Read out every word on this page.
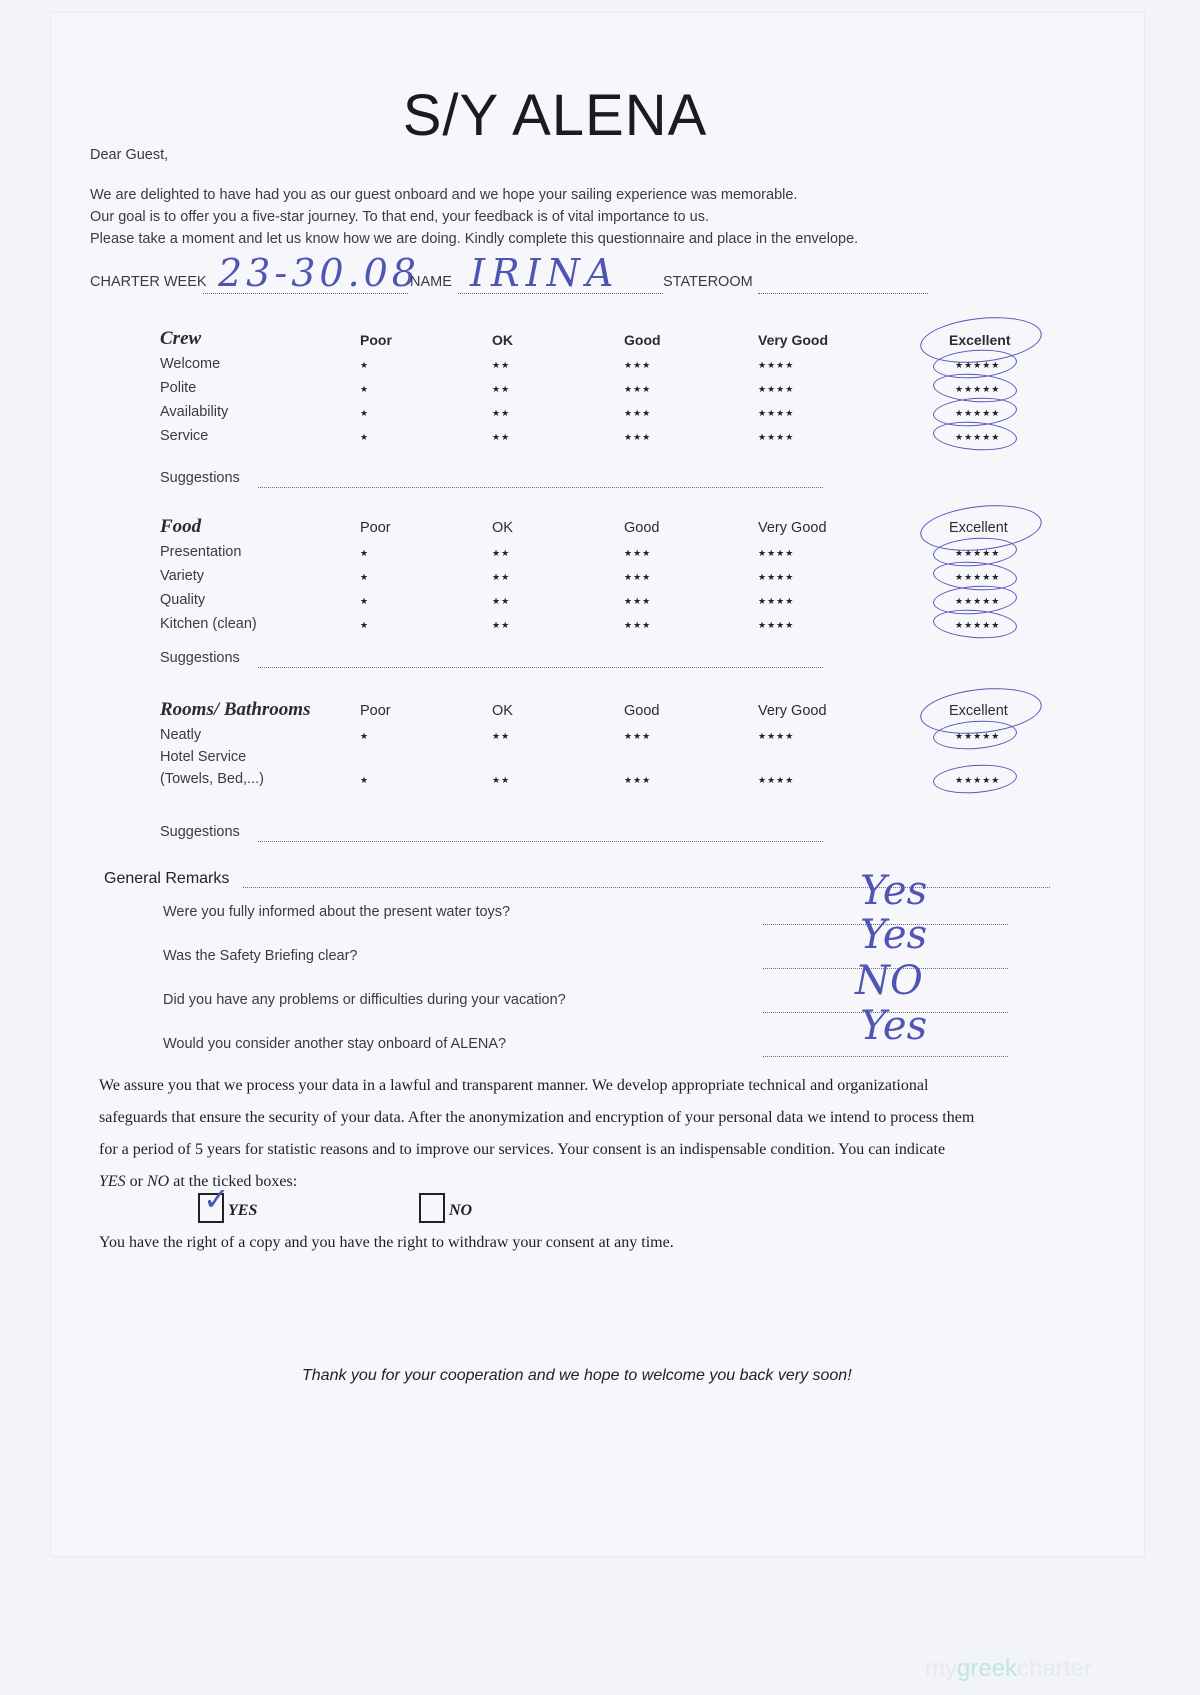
S/Y ALENA
Dear Guest,
We are delighted to have had you as our guest onboard and we hope your sailing experience was memorable.
Our goal is to offer you a five-star journey. To that end, your feedback is of vital importance to us.
Please take a moment and let us know how we are doing. Kindly complete this questionnaire and place in the envelope.
CHARTER WEEK 23-30.08
NAME IRINA	STATEROOM
Crew	Poor	OK	Good	Very Good	Excellent
Welcome	★	★★	★★★	★★★★	★★★★★
Polite	★	★★	★★★	★★★★	★★★★★
Availability	★	★★	★★★	★★★★	★★★★★
Service	★	★★	★★★	★★★★	★★★★★
Suggestions
Food	Poor	OK	Good	Very Good	Excellent
Presentation	★	★★	★★★	★★★★	★★★★★
Variety	★	★★	★★★	★★★★	★★★★★
Quality	★	★★	★★★	★★★★	★★★★★
Kitchen (clean)	★	★★	★★★	★★★★	★★★★★
Suggestions
Rooms/ Bathrooms	Poor	OK	Good	Very Good	Excellent
Neatly	★	★★	★★★	★★★★	★★★★★
Hotel Service
(Towels, Bed,...)	★	★★	★★★	★★★★	★★★★★
Suggestions
General Remarks
Were you fully informed about the present water toys?	Yes
Was the Safety Briefing clear?	Yes
Did you have any problems or difficulties during your vacation?	NO
Would you consider another stay onboard of ALENA?	Yes
We assure you that we process your data in a lawful and transparent manner. We develop appropriate technical and organizational
safeguards that ensure the security of your data. After the anonymization and encryption of your personal data we intend to process them
for a period of 5 years for statistic reasons and to improve our services. Your consent is an indispensable condition. You can indicate
YES or NO at the ticked boxes:
✓
YES	NO
You have the right of a copy and you have the right to withdraw your consent at any time.
Thank you for your cooperation and we hope to welcome you back very soon!
mygreekcharter
